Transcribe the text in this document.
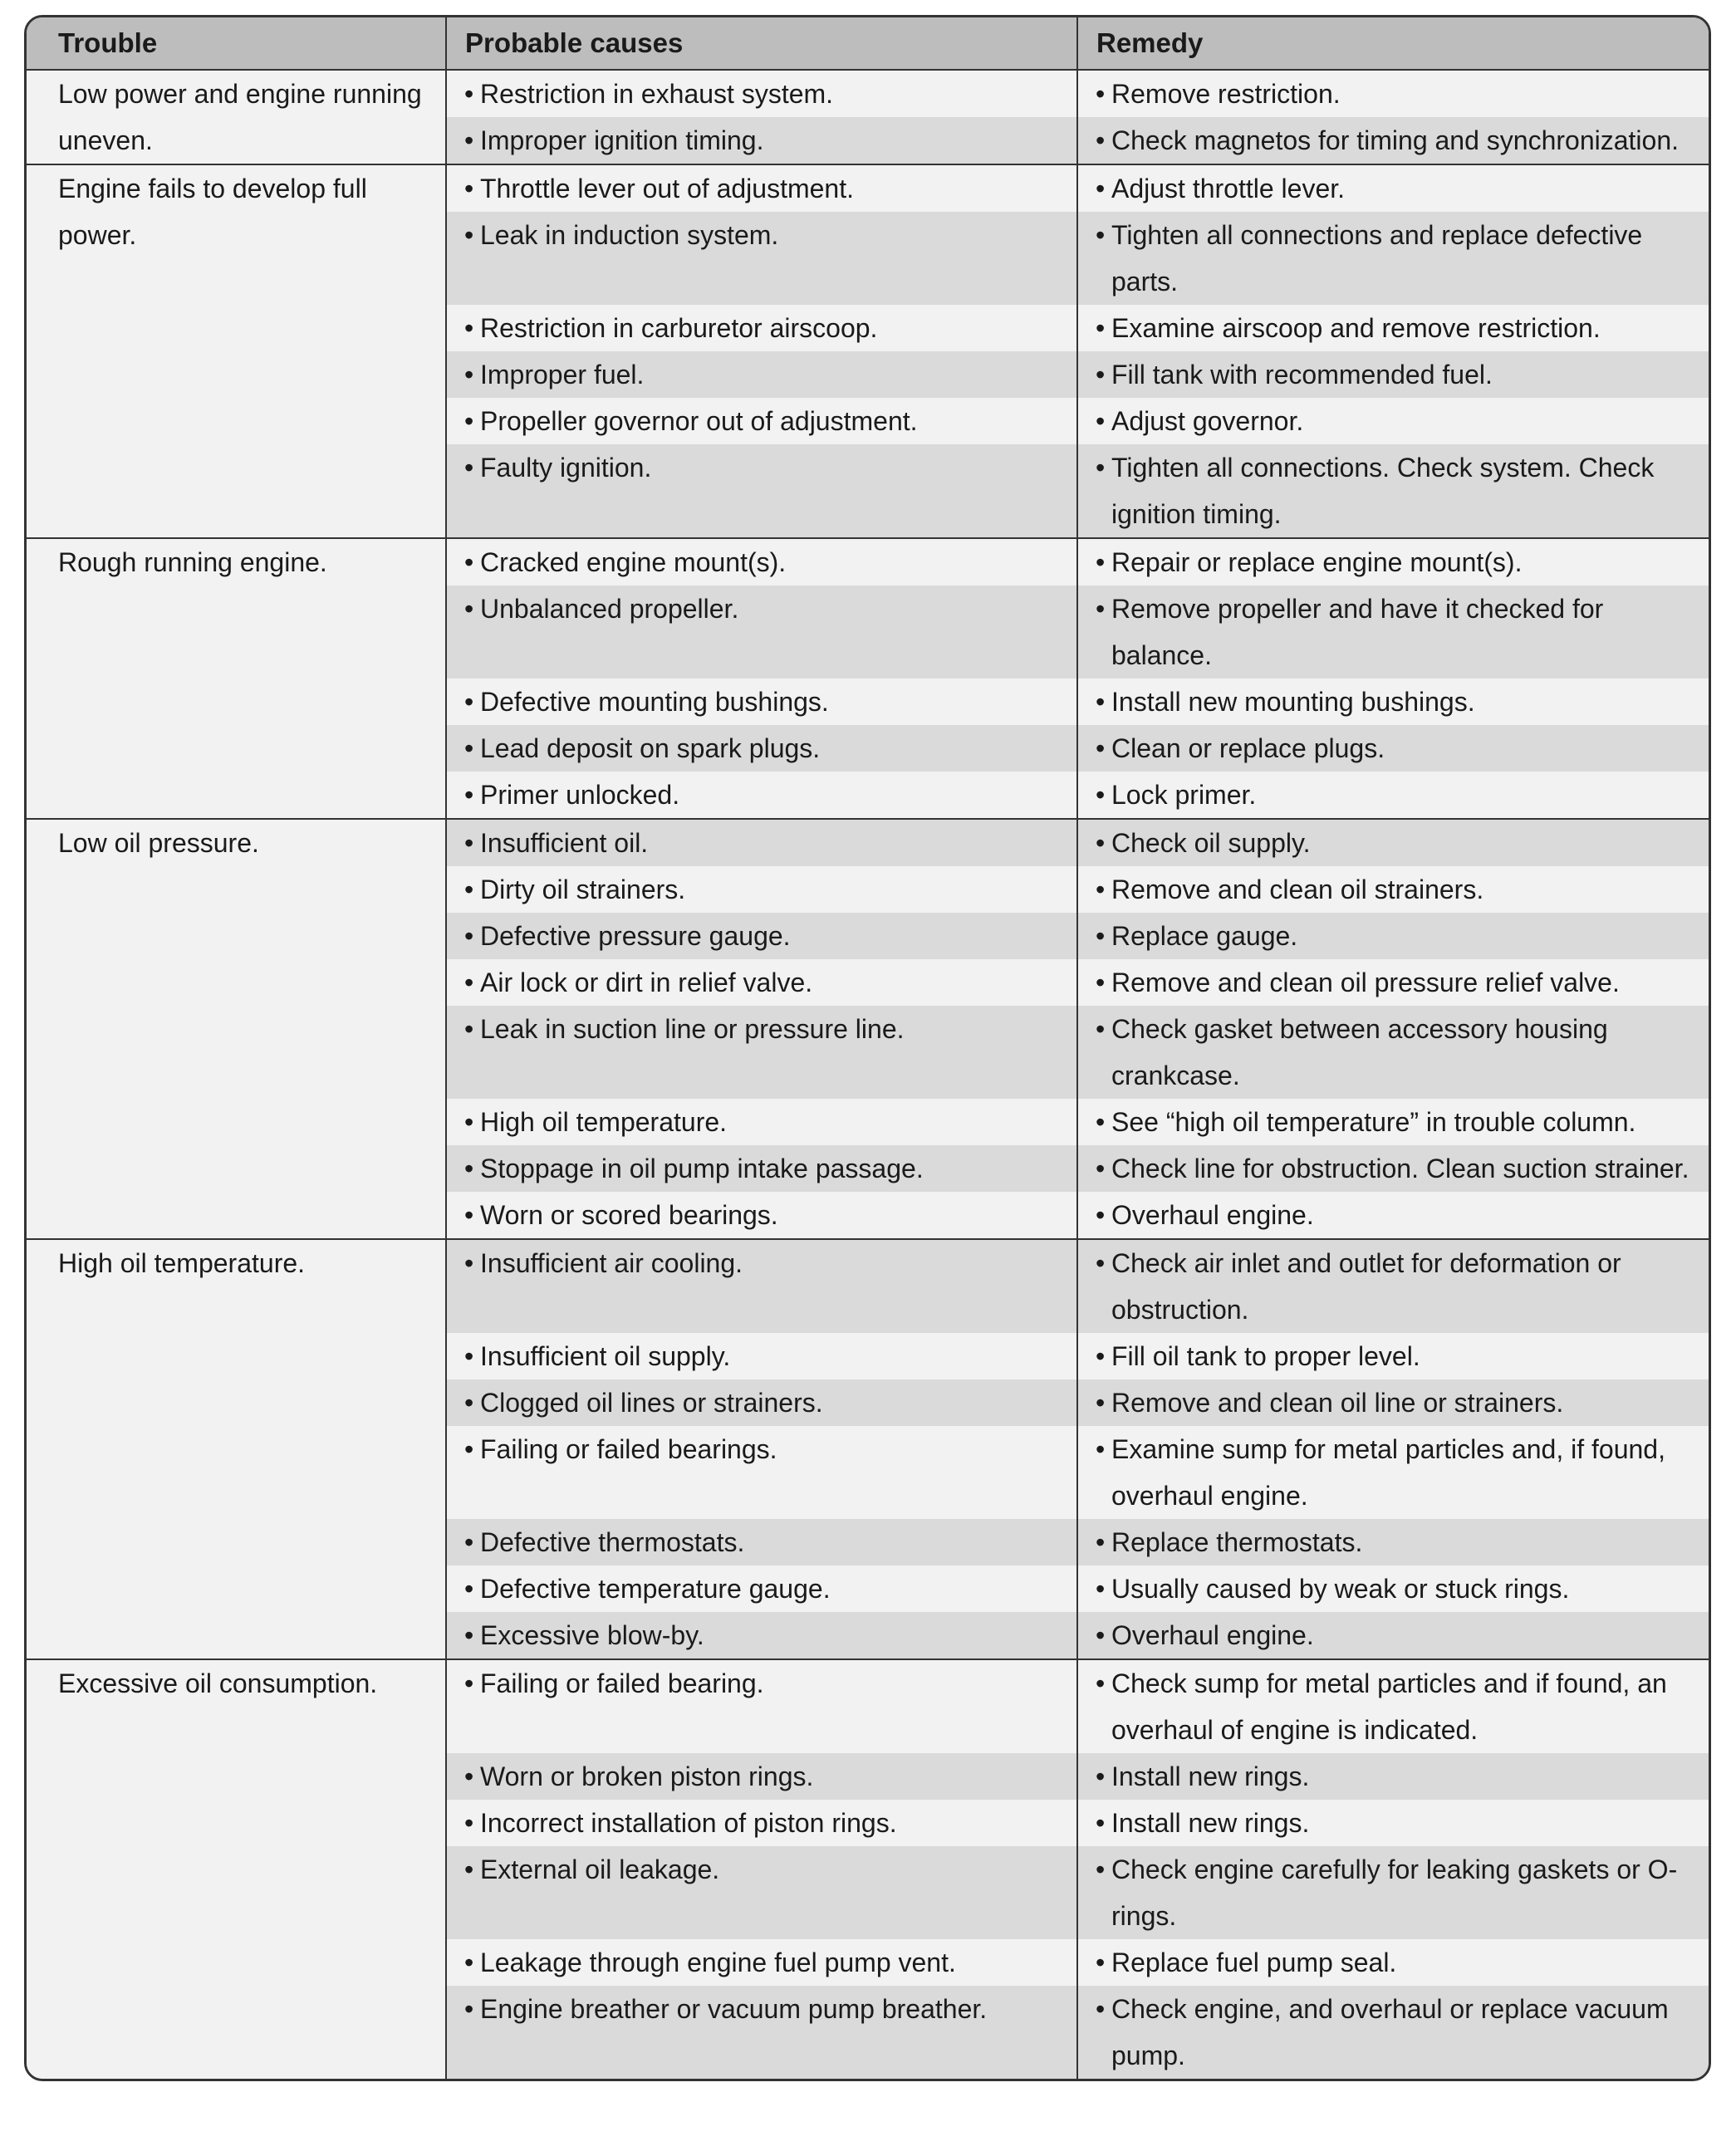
Trouble	Probable causes	Remedy
Low power and engine running uneven.	• Restriction in exhaust system.	• Remove restriction.
	• Improper ignition timing.	• Check magnetos for timing and synchronization.
Engine fails to develop full power.	• Throttle lever out of adjustment.	• Adjust throttle lever.
	• Leak in induction system.	• Tighten all connections and replace defective parts.
	• Restriction in carburetor airscoop.	• Examine airscoop and remove restriction.
	• Improper fuel.	• Fill tank with recommended fuel.
	• Propeller governor out of adjustment.	• Adjust governor.
	• Faulty ignition.	• Tighten all connections. Check system. Check ignition timing.
Rough running engine.	• Cracked engine mount(s).	• Repair or replace engine mount(s).
	• Unbalanced propeller.	• Remove propeller and have it checked for balance.
	• Defective mounting bushings.	• Install new mounting bushings.
	• Lead deposit on spark plugs.	• Clean or replace plugs.
	• Primer unlocked.	• Lock primer.
Low oil pressure.	• Insufficient oil.	• Check oil supply.
	• Dirty oil strainers.	• Remove and clean oil strainers.
	• Defective pressure gauge.	• Replace gauge.
	• Air lock or dirt in relief valve.	• Remove and clean oil pressure relief valve.
	• Leak in suction line or pressure line.	• Check gasket between accessory housing crankcase.
	• High oil temperature.	• See “high oil temperature” in trouble column.
	• Stoppage in oil pump intake passage.	• Check line for obstruction. Clean suction strainer.
	• Worn or scored bearings.	• Overhaul engine.
High oil temperature.	• Insufficient air cooling.	• Check air inlet and outlet for deformation or obstruction.
	• Insufficient oil supply.	• Fill oil tank to proper level.
	• Clogged oil lines or strainers.	• Remove and clean oil line or strainers.
	• Failing or failed bearings.	• Examine sump for metal particles and, if found, overhaul engine.
	• Defective thermostats.	• Replace thermostats.
	• Defective temperature gauge.	• Usually caused by weak or stuck rings.
	• Excessive blow-by.	• Overhaul engine.
Excessive oil consumption.	• Failing or failed bearing.	• Check sump for metal particles and if found, an overhaul of engine is indicated.
	• Worn or broken piston rings.	• Install new rings.
	• Incorrect installation of piston rings.	• Install new rings.
	• External oil leakage.	• Check engine carefully for leaking gaskets or O-rings.
	• Leakage through engine fuel pump vent.	• Replace fuel pump seal.
	• Engine breather or vacuum pump breather.	• Check engine, and overhaul or replace vacuum pump.
